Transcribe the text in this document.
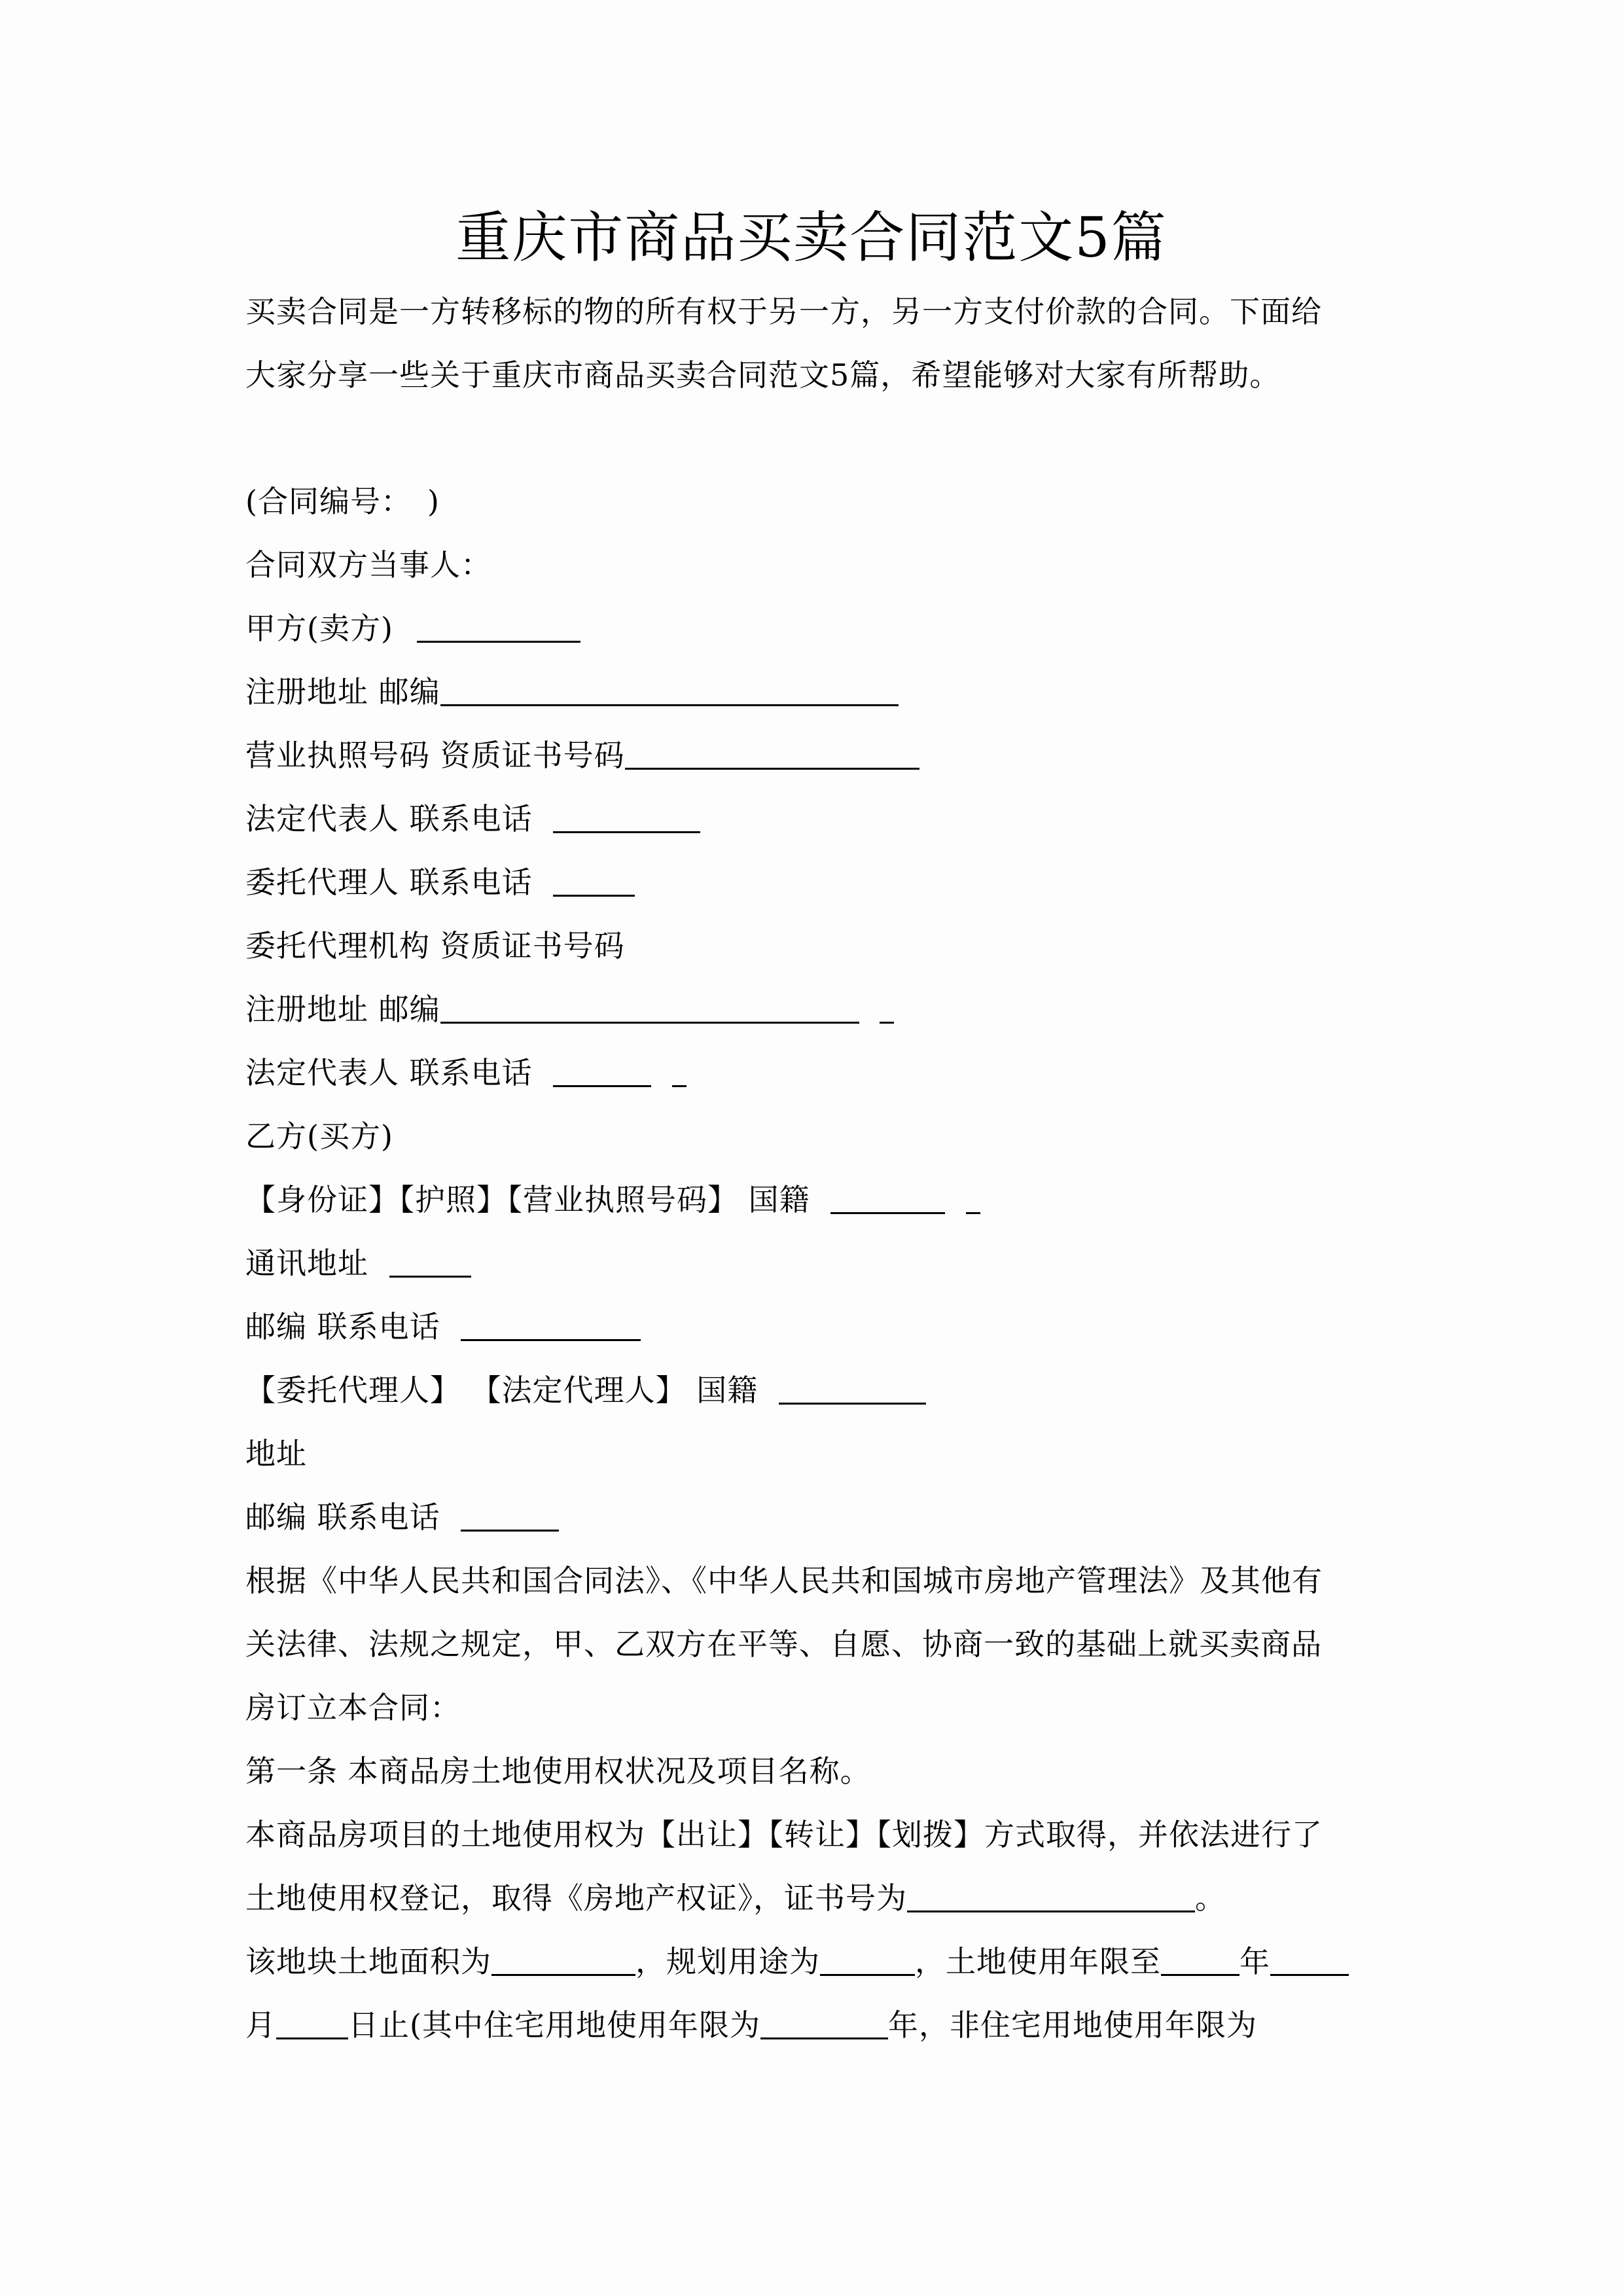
重庆市商品买卖合同范文5篇
买卖合同是一方转移标的物的所有权于另一方，另一方支付价款的合同。下面给
大家分享一些关于重庆市商品买卖合同范文5篇，希望能够对大家有所帮助。
(合同编号：　)
合同双方当事人：
甲方(卖方)
注册地址 邮编
营业执照号码 资质证书号码
法定代表人 联系电话
委托代理人 联系电话
委托代理机构 资质证书号码
注册地址 邮编
法定代表人 联系电话
乙方(买方)
【身份证】【护照】【营业执照号码】 国籍
通讯地址
邮编 联系电话
【委托代理人】 【法定代理人】 国籍
地址
邮编 联系电话
根据《中华人民共和国合同法》、《中华人民共和国城市房地产管理法》及其他有
关法律、法规之规定，甲、乙双方在平等、自愿、协商一致的基础上就买卖商品
房订立本合同：
第一条 本商品房土地使用权状况及项目名称。
本商品房项目的土地使用权为【出让】【转让】【划拨】方式取得，并依法进行了
土地使用权登记，取得《房地产权证》，证书号为	。
该地块土地面积为	，规划用途为	，土地使用年限至	年
月 日止(其中住宅用地使用年限为	年，非住宅用地使用年限为
